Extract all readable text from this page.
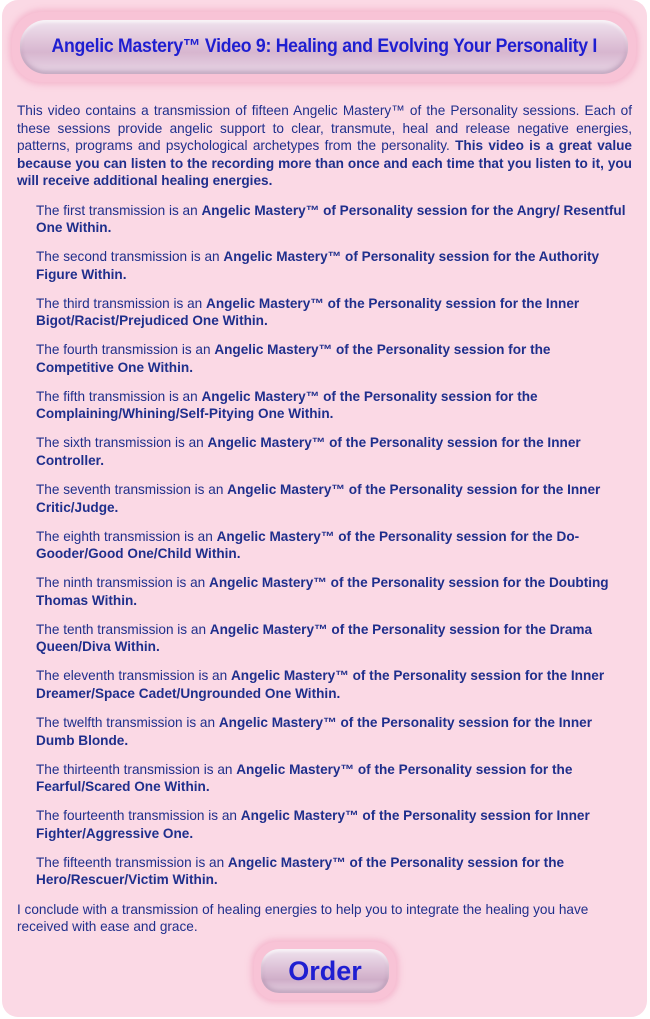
Angelic Mastery™ Video 9: Healing and Evolving Your Personality I

This video contains a transmission of fifteen Angelic Mastery™ of the Personality sessions. Each of these sessions provide angelic support to clear, transmute, heal and release negative energies, patterns, programs and psychological archetypes from the personality. This video is a great value because you can listen to the recording more than once and each time that you listen to it, you will receive additional healing energies.

The first transmission is an Angelic Mastery™ of Personality session for the Angry/ Resentful One Within.

The second transmission is an Angelic Mastery™ of Personality session for the Authority Figure Within.

The third transmission is an Angelic Mastery™ of the Personality session for the Inner Bigot/Racist/Prejudiced One Within.

The fourth transmission is an Angelic Mastery™ of the Personality session for the Competitive One Within.

The fifth transmission is an Angelic Mastery™ of the Personality session for the Complaining/Whining/Self-Pitying One Within.

The sixth transmission is an Angelic Mastery™ of the Personality session for the Inner Controller.

The seventh transmission is an Angelic Mastery™ of the Personality session for the Inner Critic/Judge.

The eighth transmission is an Angelic Mastery™ of the Personality session for the Do-Gooder/Good One/Child Within.

The ninth transmission is an Angelic Mastery™ of the Personality session for the Doubting Thomas Within.

The tenth transmission is an Angelic Mastery™ of the Personality session for the Drama Queen/Diva Within.

The eleventh transmission is an Angelic Mastery™ of the Personality session for the Inner Dreamer/Space Cadet/Ungrounded One Within.

The twelfth transmission is an Angelic Mastery™ of the Personality session for the Inner Dumb Blonde.

The thirteenth transmission is an Angelic Mastery™ of the Personality session for the Fearful/Scared One Within.

The fourteenth transmission is an Angelic Mastery™ of the Personality session for Inner Fighter/Aggressive One.

The fifteenth transmission is an Angelic Mastery™ of the Personality session for the Hero/Rescuer/Victim Within.

I conclude with a transmission of healing energies to help you to integrate the healing you have received with ease and grace.

Order
